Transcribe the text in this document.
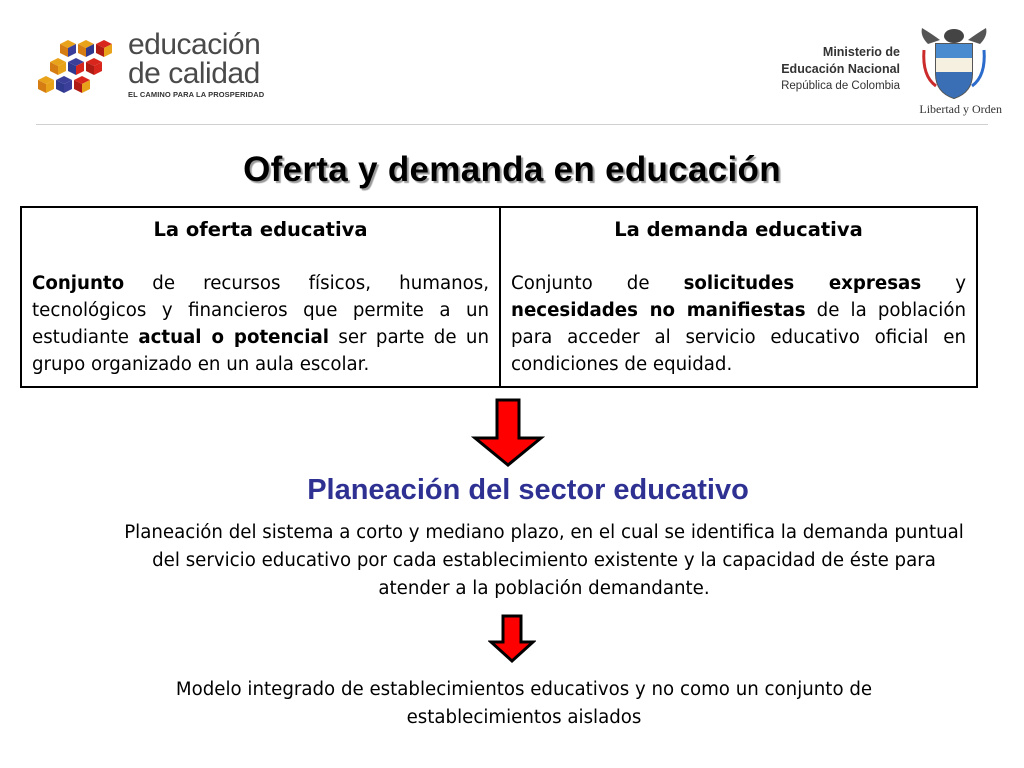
educación
de calidad
EL CAMINO PARA LA PROSPERIDAD
Ministerio de
Educación Nacional
República de Colombia
Libertad y Orden
Oferta y demanda en educación
La oferta educativa

Conjunto de recursos físicos, humanos, tecnológicos y financieros que permite a un estudiante actual o potencial ser parte de un grupo organizado en un aula escolar.

La demanda educativa

Conjunto de solicitudes expresas y necesidades no manifiestas de la población para acceder al servicio educativo oficial en condiciones de equidad.

Planeación del sector educativo
Planeación del sistema a corto y mediano plazo, en el cual se identifica la demanda puntual del servicio educativo por cada establecimiento existente y la capacidad de éste para atender a la población demandante.
Modelo integrado de establecimientos educativos y no como un conjunto de establecimientos aislados
